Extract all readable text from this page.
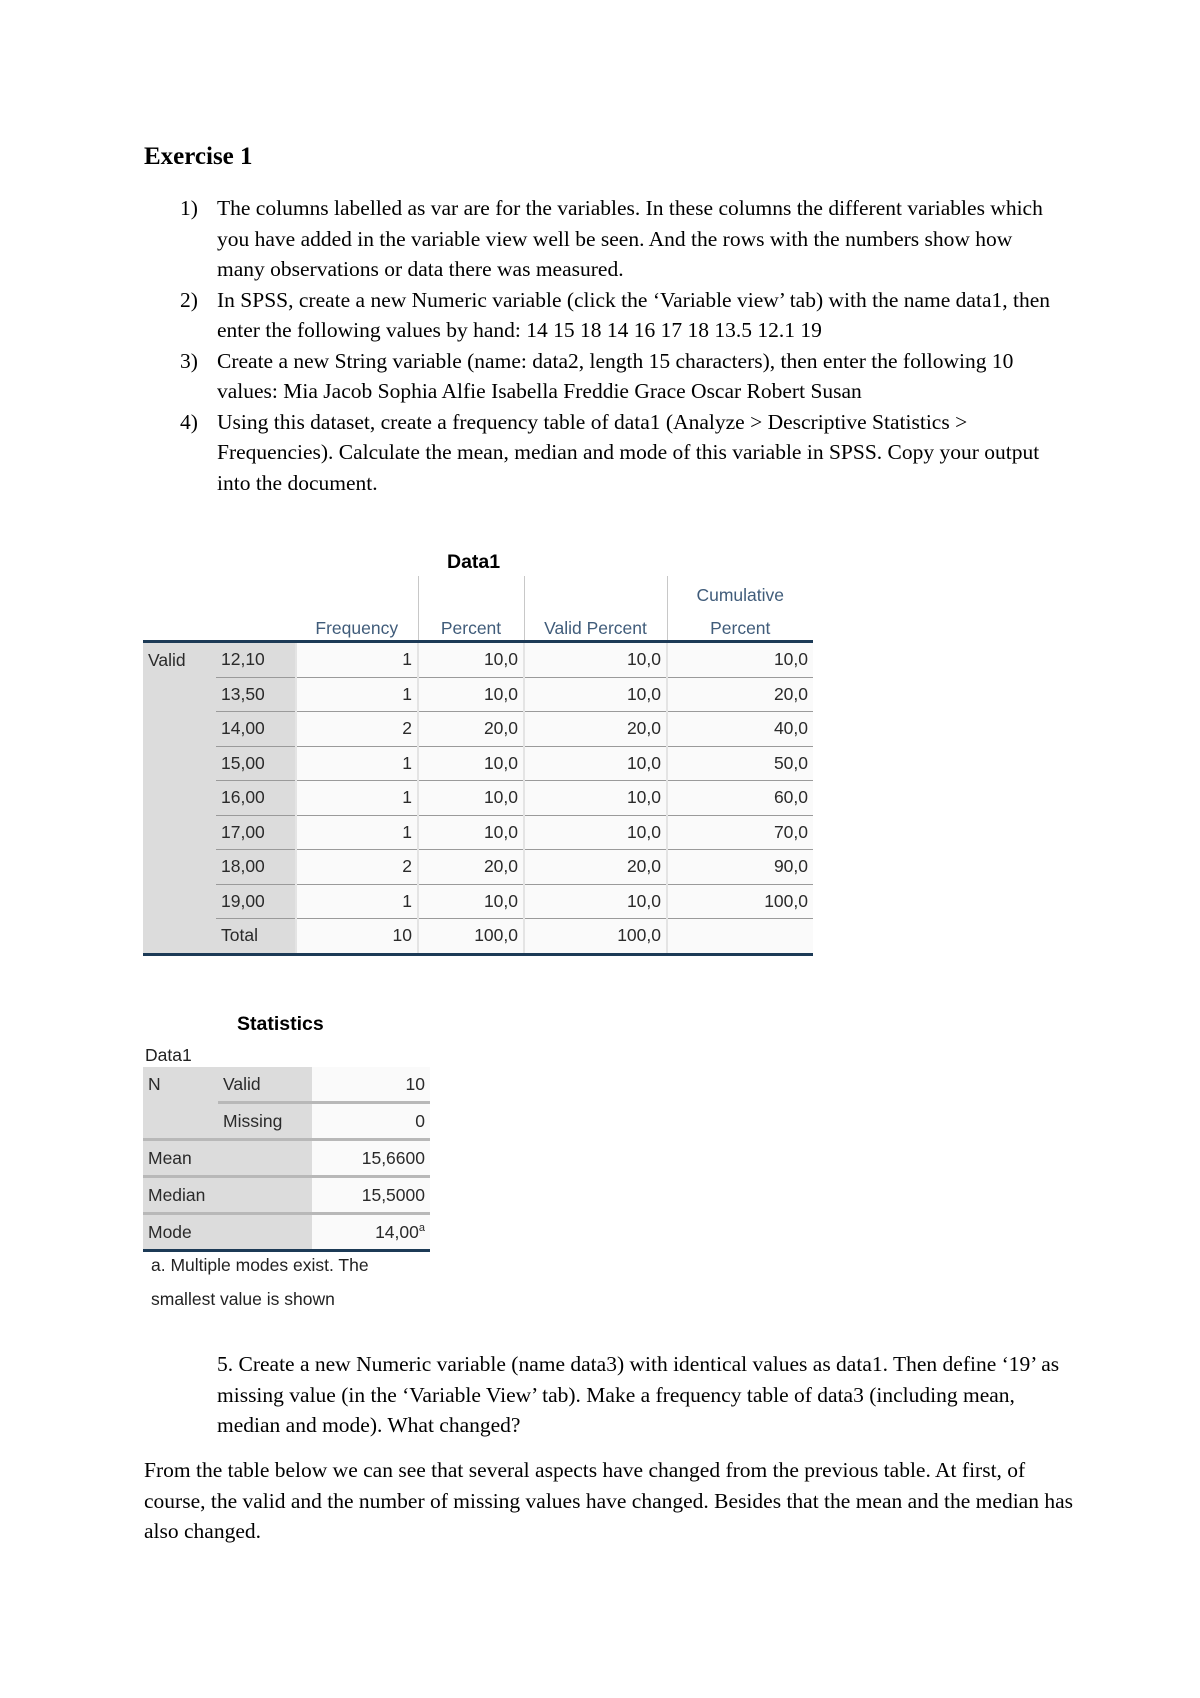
Exercise 1
1) The columns labelled as var are for the variables. In these columns the different variables which you have added in the variable view well be seen. And the rows with the numbers show how many observations or data there was measured.
2) In SPSS, create a new Numeric variable (click the ‘Variable view’ tab) with the name data1, then enter the following values by hand: 14 15 18 14 16 17 18 13.5 12.1 19
3) Create a new String variable (name: data2, length 15 characters), then enter the following 10 values: Mia Jacob Sophia Alfie Isabella Freddie Grace Oscar Robert Susan
4) Using this dataset, create a frequency table of data1 (Analyze > Descriptive Statistics > Frequencies). Calculate the mean, median and mode of this variable in SPSS. Copy your output into the document.
Data1
					Cumulative
		Frequency	Percent	Valid Percent	Percent
Valid	12,10	1	10,0	10,0	10,0
	13,50	1	10,0	10,0	20,0
	14,00	2	20,0	20,0	40,0
	15,00	1	10,0	10,0	50,0
	16,00	1	10,0	10,0	60,0
	17,00	1	10,0	10,0	70,0
	18,00	2	20,0	20,0	90,0
	19,00	1	10,0	10,0	100,0
	Total	10	100,0	100,0	
Statistics
Data1
N	Valid	10
	Missing	0
Mean		15,6600
Median		15,5000
Mode		14,00$^a$
a. Multiple modes exist. The
smallest value is shown

5. Create a new Numeric variable (name data3) with identical values as data1. Then define ‘19’ as missing value (in the ‘Variable View’ tab). Make a frequency table of data3 (including mean, median and mode). What changed?

From the table below we can see that several aspects have changed from the previous table. At first, of course, the valid and the number of missing values have changed. Besides that the mean and the median has also changed.
